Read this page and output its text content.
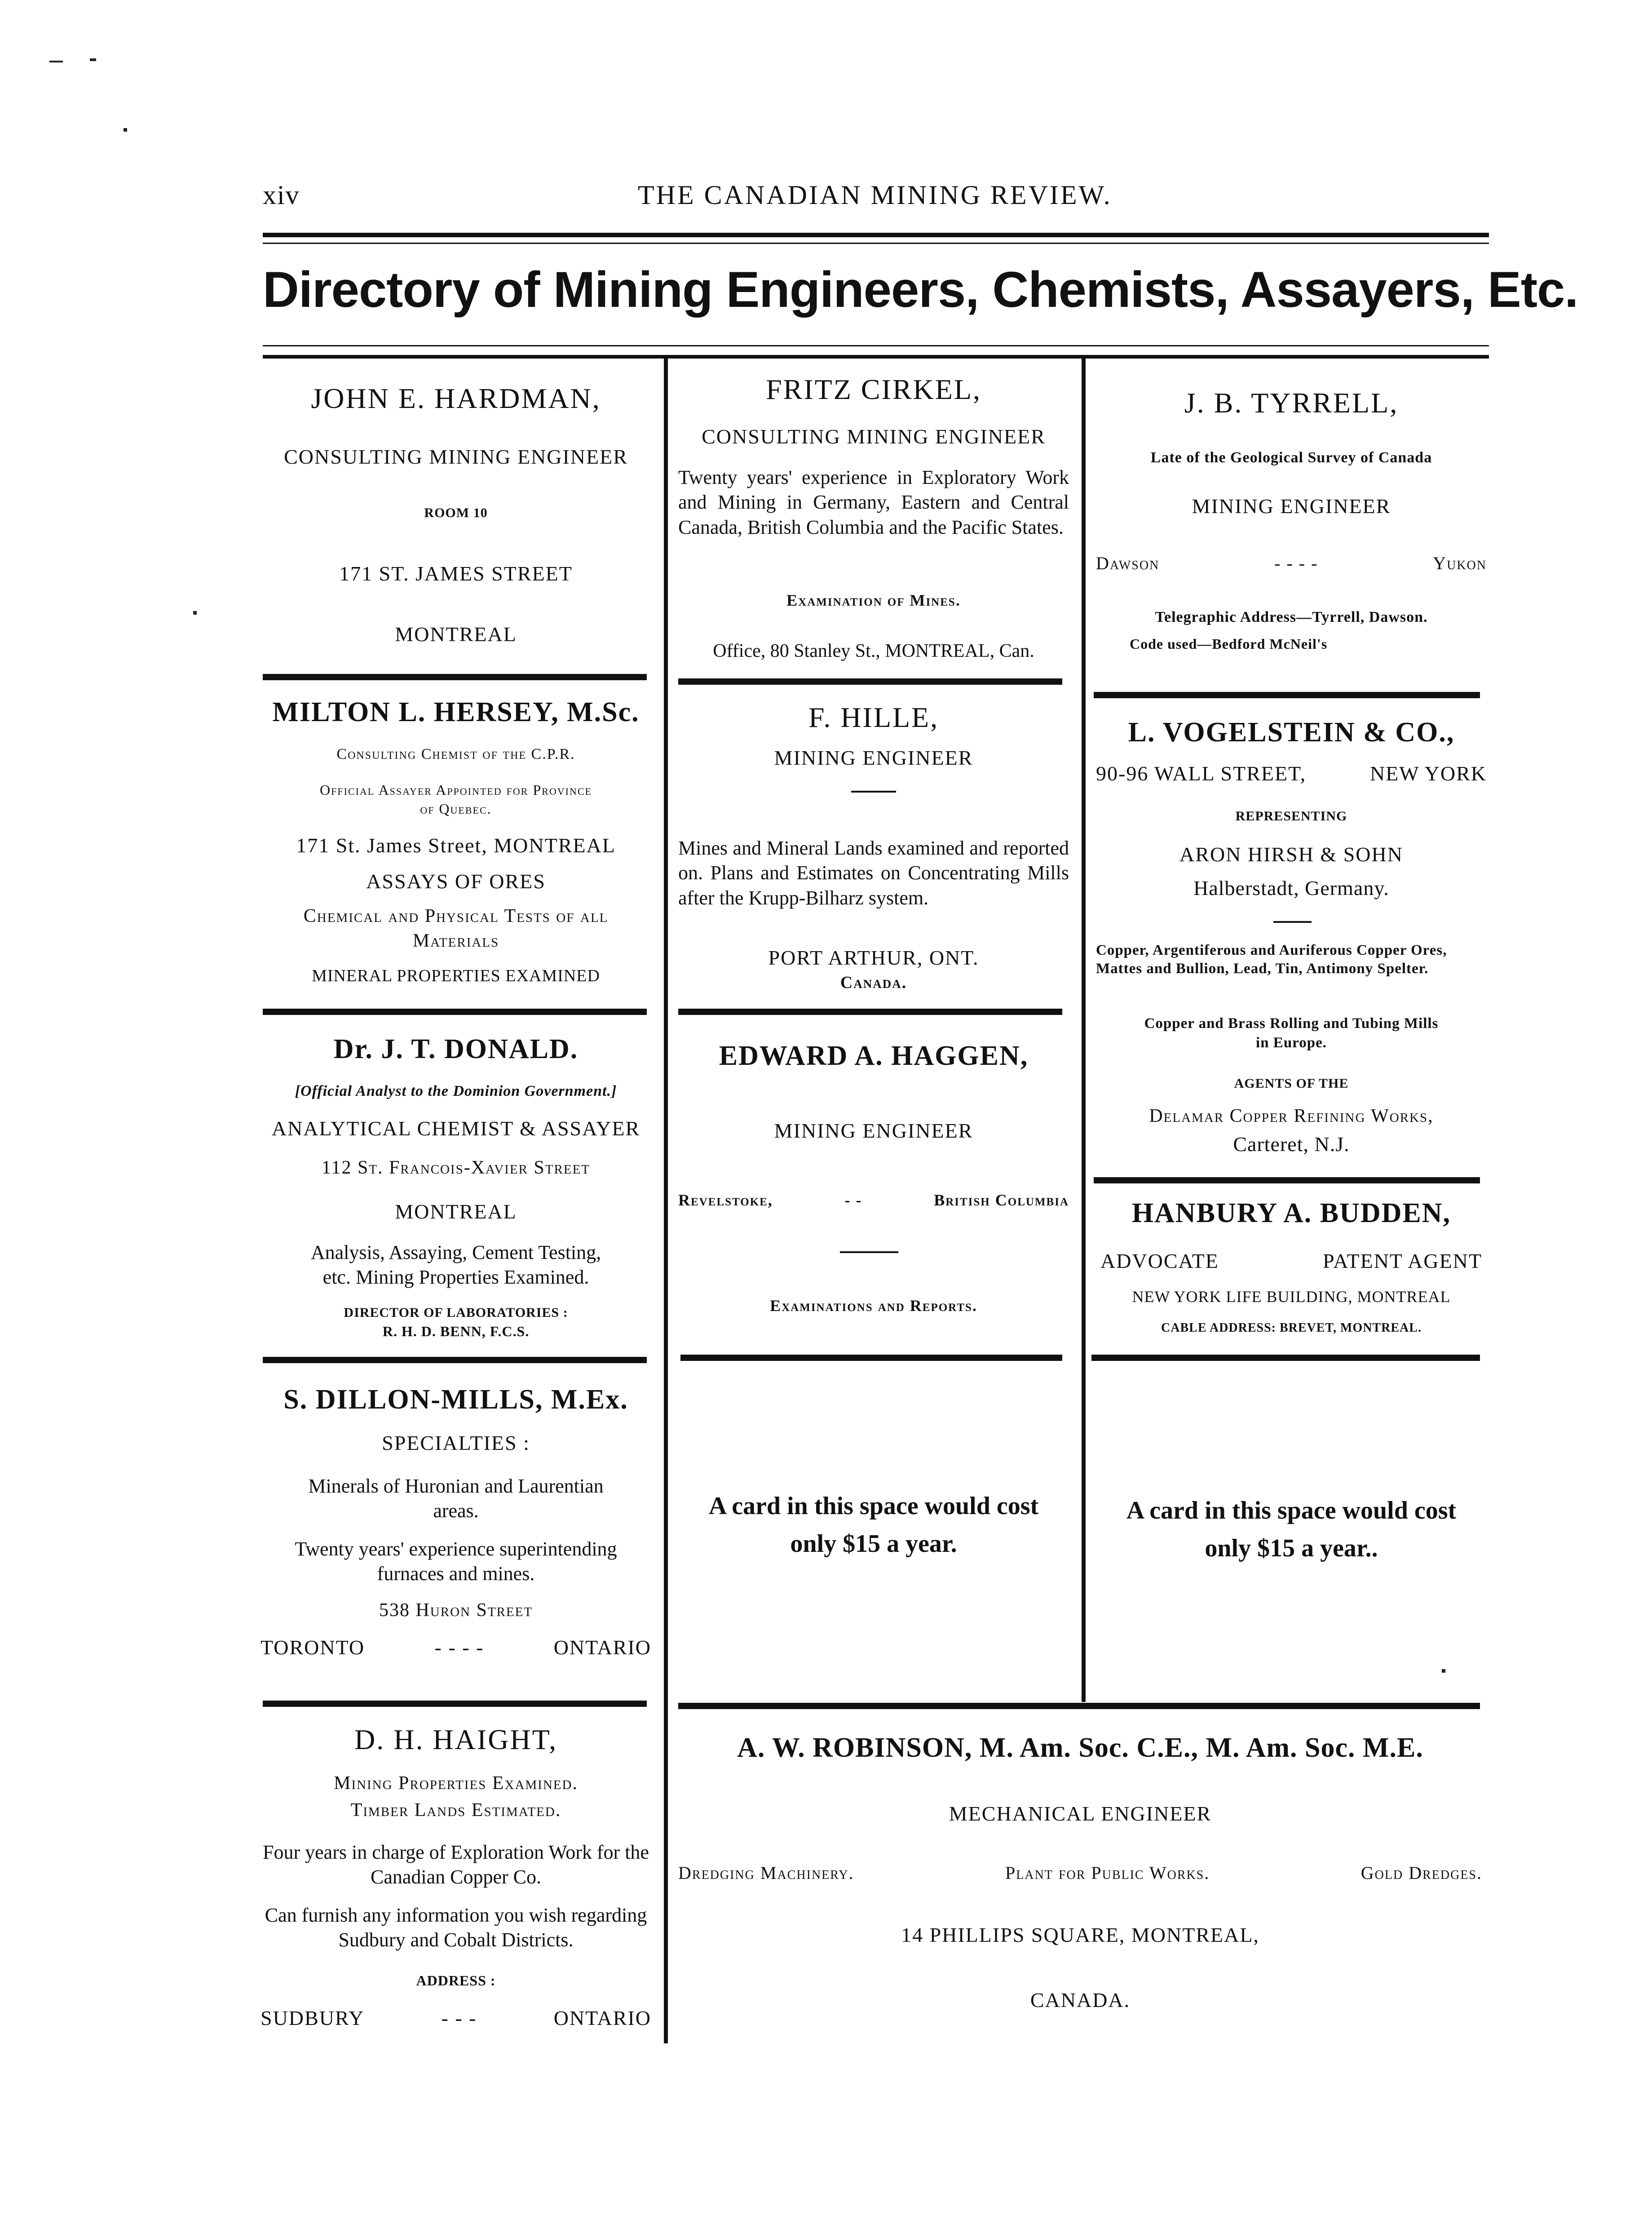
xiv	THE CANADIAN MINING REVIEW.
Directory of Mining Engineers, Chemists, Assayers, Etc.
JOHN E. HARDMAN,
CONSULTING MINING ENGINEER
ROOM 10
171 ST. JAMES STREET
MONTREAL
MILTON L. HERSEY, M.Sc.
Consulting Chemist of the C.P.R.
Official Assayer Appointed for Province
of Quebec.
171 St. James Street, MONTREAL
ASSAYS OF ORES
Chemical and Physical Tests of all
Materials
MINERAL PROPERTIES EXAMINED
Dr. J. T. DONALD.
[Official Analyst to the Dominion Government.]
ANALYTICAL CHEMIST & ASSAYER
112 St. Francois-Xavier Street
MONTREAL
Analysis, Assaying, Cement Testing,
etc. Mining Properties Examined.
DIRECTOR OF LABORATORIES :
R. H. D. BENN, F.C.S.
S. DILLON-MILLS, M.Ex.
SPECIALTIES :
Minerals of Huronian and Laurentian
areas.
Twenty years' experience superintending
furnaces and mines.
538 Huron Street
TORONTO	- - - -	ONTARIO
D. H. HAIGHT,
Mining Properties Examined.
Timber Lands Estimated.
Four years in charge of Exploration Work for the Canadian Copper Co.
Can furnish any information you wish regarding Sudbury and Cobalt Districts.
ADDRESS :
SUDBURY	- - -	ONTARIO
FRITZ CIRKEL,
CONSULTING MINING ENGINEER
Twenty years' experience in Exploratory Work and Mining in Germany, Eastern and Central Canada, British Columbia and the Pacific States.
Examination of Mines.
Office, 80 Stanley St., MONTREAL, Can.
F. HILLE,
MINING ENGINEER
Mines and Mineral Lands examined and reported on. Plans and Estimates on Concentrating Mills after the Krupp-Bilharz system.
PORT ARTHUR, ONT.
Canada.
EDWARD A. HAGGEN,
MINING ENGINEER
Revelstoke,	- -	British Columbia
Examinations and Reports.
A card in this space would cost
only $15 a year.
J. B. TYRRELL,
Late of the Geological Survey of Canada
MINING ENGINEER
Dawson	- - - -	Yukon
Telegraphic Address—Tyrrell, Dawson.
Code used—Bedford McNeil's
L. VOGELSTEIN & CO.,
90-96 WALL STREET,	NEW YORK
REPRESENTING
ARON HIRSH & SOHN
Halberstadt, Germany.
Copper, Argentiferous and Auriferous Copper Ores, Mattes and Bullion, Lead, Tin, Antimony Spelter.
Copper and Brass Rolling and Tubing Mills
in Europe.
AGENTS OF THE
Delamar Copper Refining Works,
Carteret, N.J.
HANBURY A. BUDDEN,
ADVOCATE	PATENT AGENT
NEW YORK LIFE BUILDING, MONTREAL
CABLE ADDRESS: BREVET, MONTREAL.
A card in this space would cost
only $15 a year..
A. W. ROBINSON, M. Am. Soc. C.E., M. Am. Soc. M.E.
MECHANICAL ENGINEER
Dredging Machinery.	Plant for Public Works.	Gold Dredges.
14 PHILLIPS SQUARE, MONTREAL,
CANADA.
